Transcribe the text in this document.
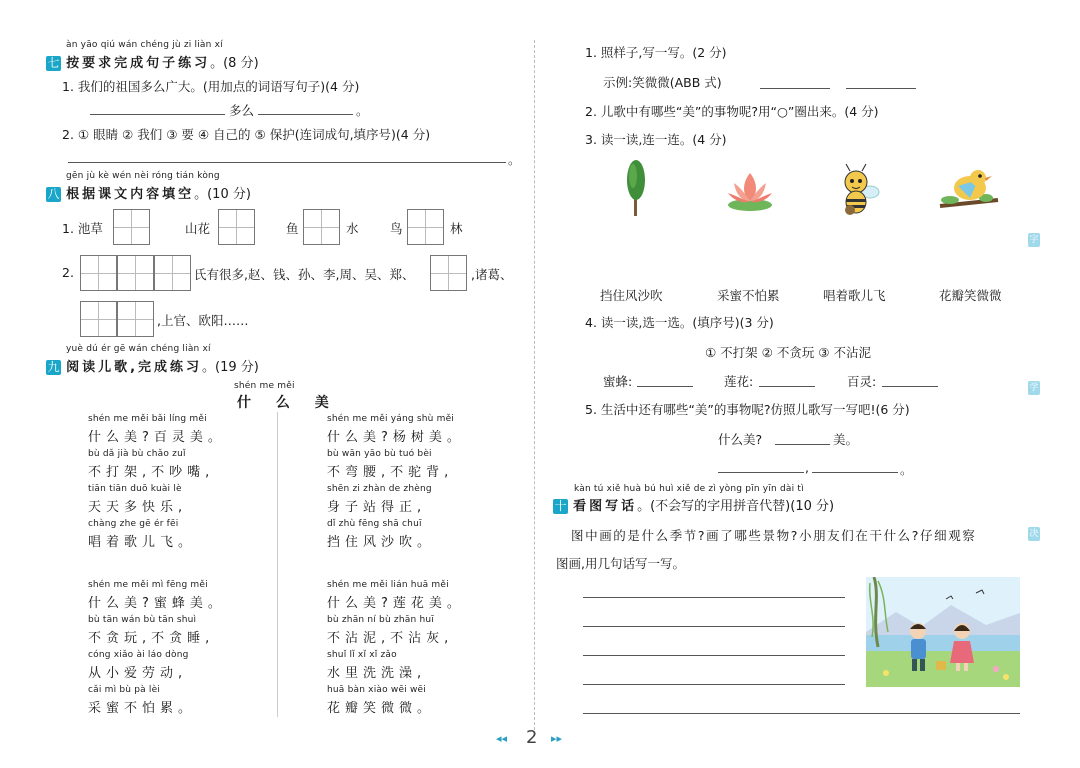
àn yāo qiú wán chéng jù zi liàn xí
七 按要求完成句子练习。(8 分)
1. 我们的祖国多么广大。(用加点的词语写句子)(4 分)
多么	。
2. ① 眼睛 ② 我们 ③ 要 ④ 自己的 ⑤ 保护(连词成句,填序号)(4 分)
。
gēn jù kè wén nèi róng tián kòng
八 根据课文内容填空。(10 分)
1. 池草	山花	鱼	水	鸟	林
2.	氏有很多,赵、钱、孙、李,周、吴、郑、	,诸葛、
,上官、欧阳……
yuè dú ér gē wán chéng liàn xí
九 阅读儿歌,完成练习。(19 分)
shén me měi
什 么 美
shén me měi bǎi líng měi
什么美?百灵美。
bù dǎ jià bù chǎo zuǐ
不打架,不吵嘴,
tiān tiān duō kuài lè
天天多快乐,
chàng zhe gē ér fēi
唱着歌儿飞。
shén me měi yáng shù měi
什么美?杨树美。
bù wān yāo bù tuó bèi
不弯腰,不驼背,
shēn zi zhàn de zhèng
身子站得正,
dǐ zhù fēng shā chuī
挡住风沙吹。
shén me měi mì fēng měi
什么美?蜜蜂美。
bù tān wán bù tān shuì
不贪玩,不贪睡,
cóng xiǎo ài láo dòng
从小爱劳动,
cǎi mì bù pà lèi
采蜜不怕累。
shén me měi lián huā měi
什么美?莲花美。
bù zhān ní bù zhān huī
不沾泥,不沾灰,
shuǐ lǐ xǐ xǐ zǎo
水里洗洗澡,
huā bàn xiào wēi wēi
花瓣笑微微。
1. 照样子,写一写。(2 分)
示例:笑微微(ABB 式)
2. 儿歌中有哪些“美”的事物呢?用“○”圈出来。(4 分)
3. 读一读,连一连。(4 分)
挡住风沙吹	采蜜不怕累	唱着歌儿飞	花瓣笑微微
4. 读一读,选一选。(填序号)(3 分)
① 不打架 ② 不贪玩 ③ 不沾泥
蜜蜂:	莲花:	百灵:
5. 生活中还有哪些“美”的事物呢?仿照儿歌写一写吧!(6 分)
什么美?	美。
,	。
kàn tú xiě huà bú huì xiě de zì yòng pīn yīn dài tì
十 看图写话。(不会写的字用拼音代替)(10 分)
图中画的是什么季节?画了哪些景物?小朋友们在干什么?仔细观察
图画,用几句话写一写。
字
学
决
◂◂ 2 ▸▸
